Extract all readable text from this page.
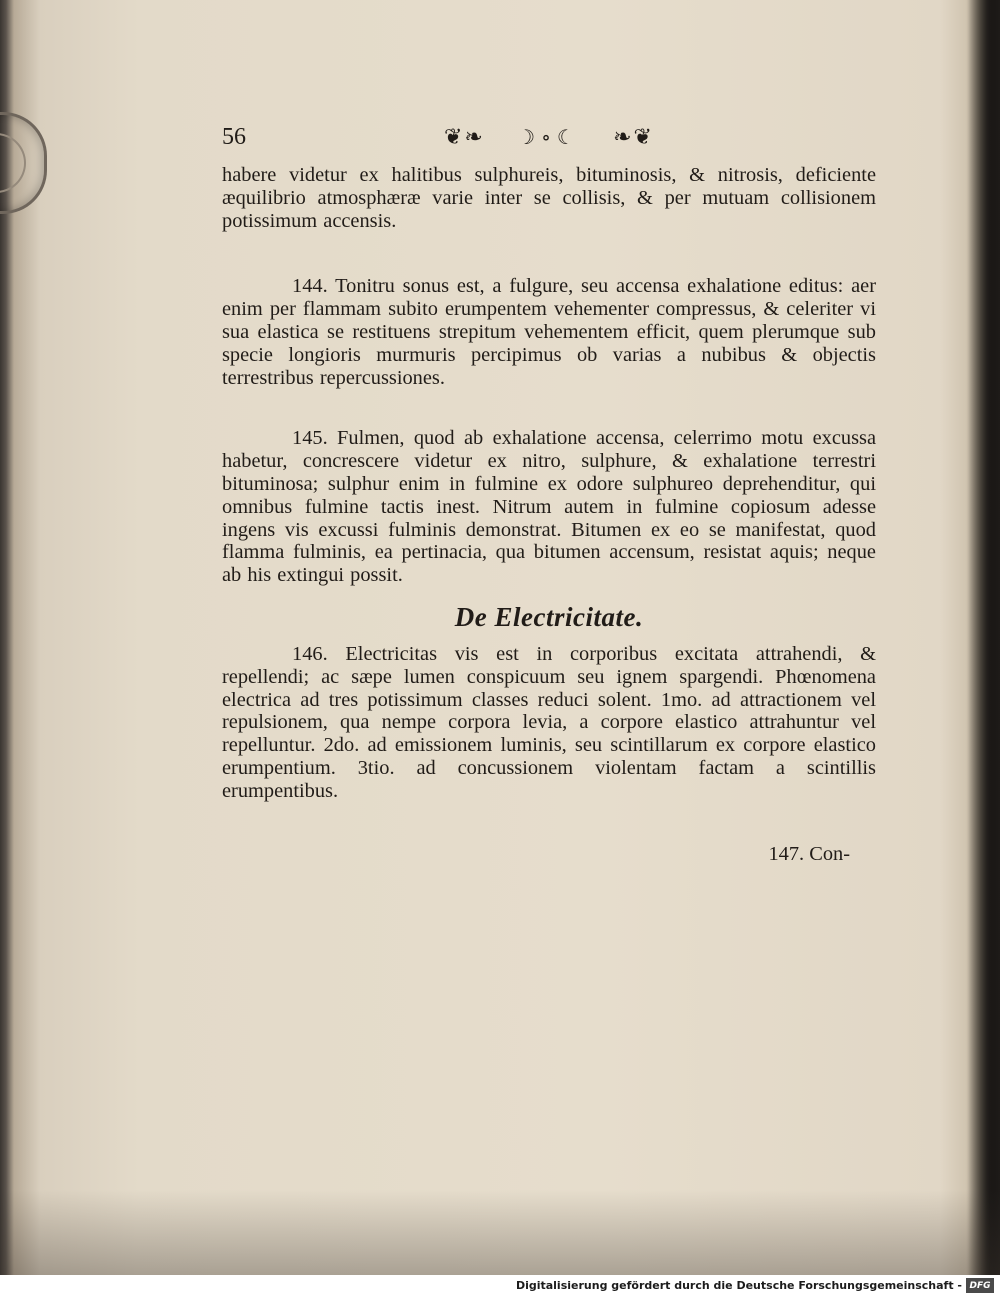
56	❦❧ ☽∘☾ ❧❦

habere videtur ex halitibus sulphureis, bituminosis, & nitrosis, deficiente æquilibrio atmosphæræ varie inter se collisis, & per mutuam collisionem potissimum accensis.

144. Tonitru sonus est, a fulgure, seu accensa exhalatione editus: aer enim per flammam subito erumpentem vehementer compressus, & celeriter vi sua elastica se restituens strepitum vehementem efficit, quem plerumque sub specie longioris murmuris percipimus ob varias a nubibus & objectis terrestribus repercussiones.

145. Fulmen, quod ab exhalatione accensa, celerrimo motu excussa habetur, concrescere videtur ex nitro, sulphure, & exhalatione terrestri bituminosa; sulphur enim in fulmine ex odore sulphureo deprehenditur, qui omnibus fulmine tactis inest. Nitrum autem in fulmine copiosum adesse ingens vis excussi fulminis demonstrat. Bitumen ex eo se manifestat, quod flamma fulminis, ea pertinacia, qua bitumen accensum, resistat aquis; neque ab his extingui possit.

De Electricitate.

146. Electricitas vis est in corporibus excitata attrahendi, & repellendi; ac sæpe lumen conspicuum seu ignem spargendi. Phœnomena electrica ad tres potissimum classes reduci solent. 1mo. ad attractionem vel repulsionem, qua nempe corpora levia, a corpore elastico attrahuntur vel repelluntur. 2do. ad emissionem luminis, seu scintillarum ex corpore elastico erumpentium. 3tio. ad concussionem violentam factam a scintillis erumpentibus.

147. Con-

Digitalisierung gefördert durch die Deutsche Forschungsgemeinschaft - DFG
